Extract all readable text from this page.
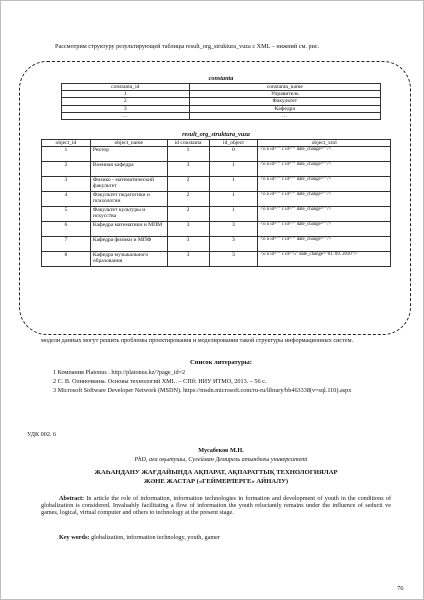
Рассмотрим структуру результирующей таблицы result_org_struktura_vuza с XML – нижний см. рис.
constanta
constanta_id	constanta_name
1	Управитель
2	Факультет
3	Кафедра
…	…
result_org_struktura_vuza
object_id	object_name	id constanta	id_object	object_xml
1	Ректор	1	0	<o n id="" c id="" date_change=""/>
2	Военная кафедра	3	1	<o n id="" c id="" date_change=""/>
3	Физико - математический факультет	2	1	<o n id="" c id="" date_change=""/>
4	Факультет педагогики и психологии	2	1	<o n id="" c id="" date_change=""/>
5	Факультет культуры и искусства	2	1	<o n id="" c id="" date_change=""/>
6	Кафедра математики и МПМ	3	3	<o n id="" c id="" date_change=""/>
7	Кафедра физики и МПФ	3	3	<o n id="" c id="" date_change=""/>
8	Кафедра музыкального образования	3	3	<o n id="" c id="5" date_change="01. 09. 2010"/>
модели данных могут решить проблемы проектирования и моделирования такой структуры информационных систем.
Список литературы:
1 Компания Platonus . http://platonus.kz/?page_id=2
2 С. В. Олиночкина. Основы технологий XML. – СПб: НИУ ИТМО, 2013. – 56 с.
3 Microsoft Software Developer Network (MSDN). https://msdn.microsoft.com/ru-ru/library/bb463338(v=sql.110).aspx
УДК 002. 6
Мусабеков М.Н.
PhD, аға оқытушы, Сулейман Демирель атындағы университеті
ЖАҺАНДАНУ ЖАҒДАЙЫНДА АҚПАРАТ, АҚПАРАТТЫҚ ТЕХНОЛОГИЯЛАР
ЖӘНЕ ЖАСТАР («ГЕЙМЕРЛЕРГЕ» АЙНАЛУ)
Abstract: In article the role of information, information technologies in formation and development of youth in the conditions of globalization is considered. Invaluably facilitating a flow of information the youth reluctantly remains under the influence of seducti ve games, logical, virtual computer and others to technology at the present stage.
Key words: globalization, information technology, youth, gamer
76
